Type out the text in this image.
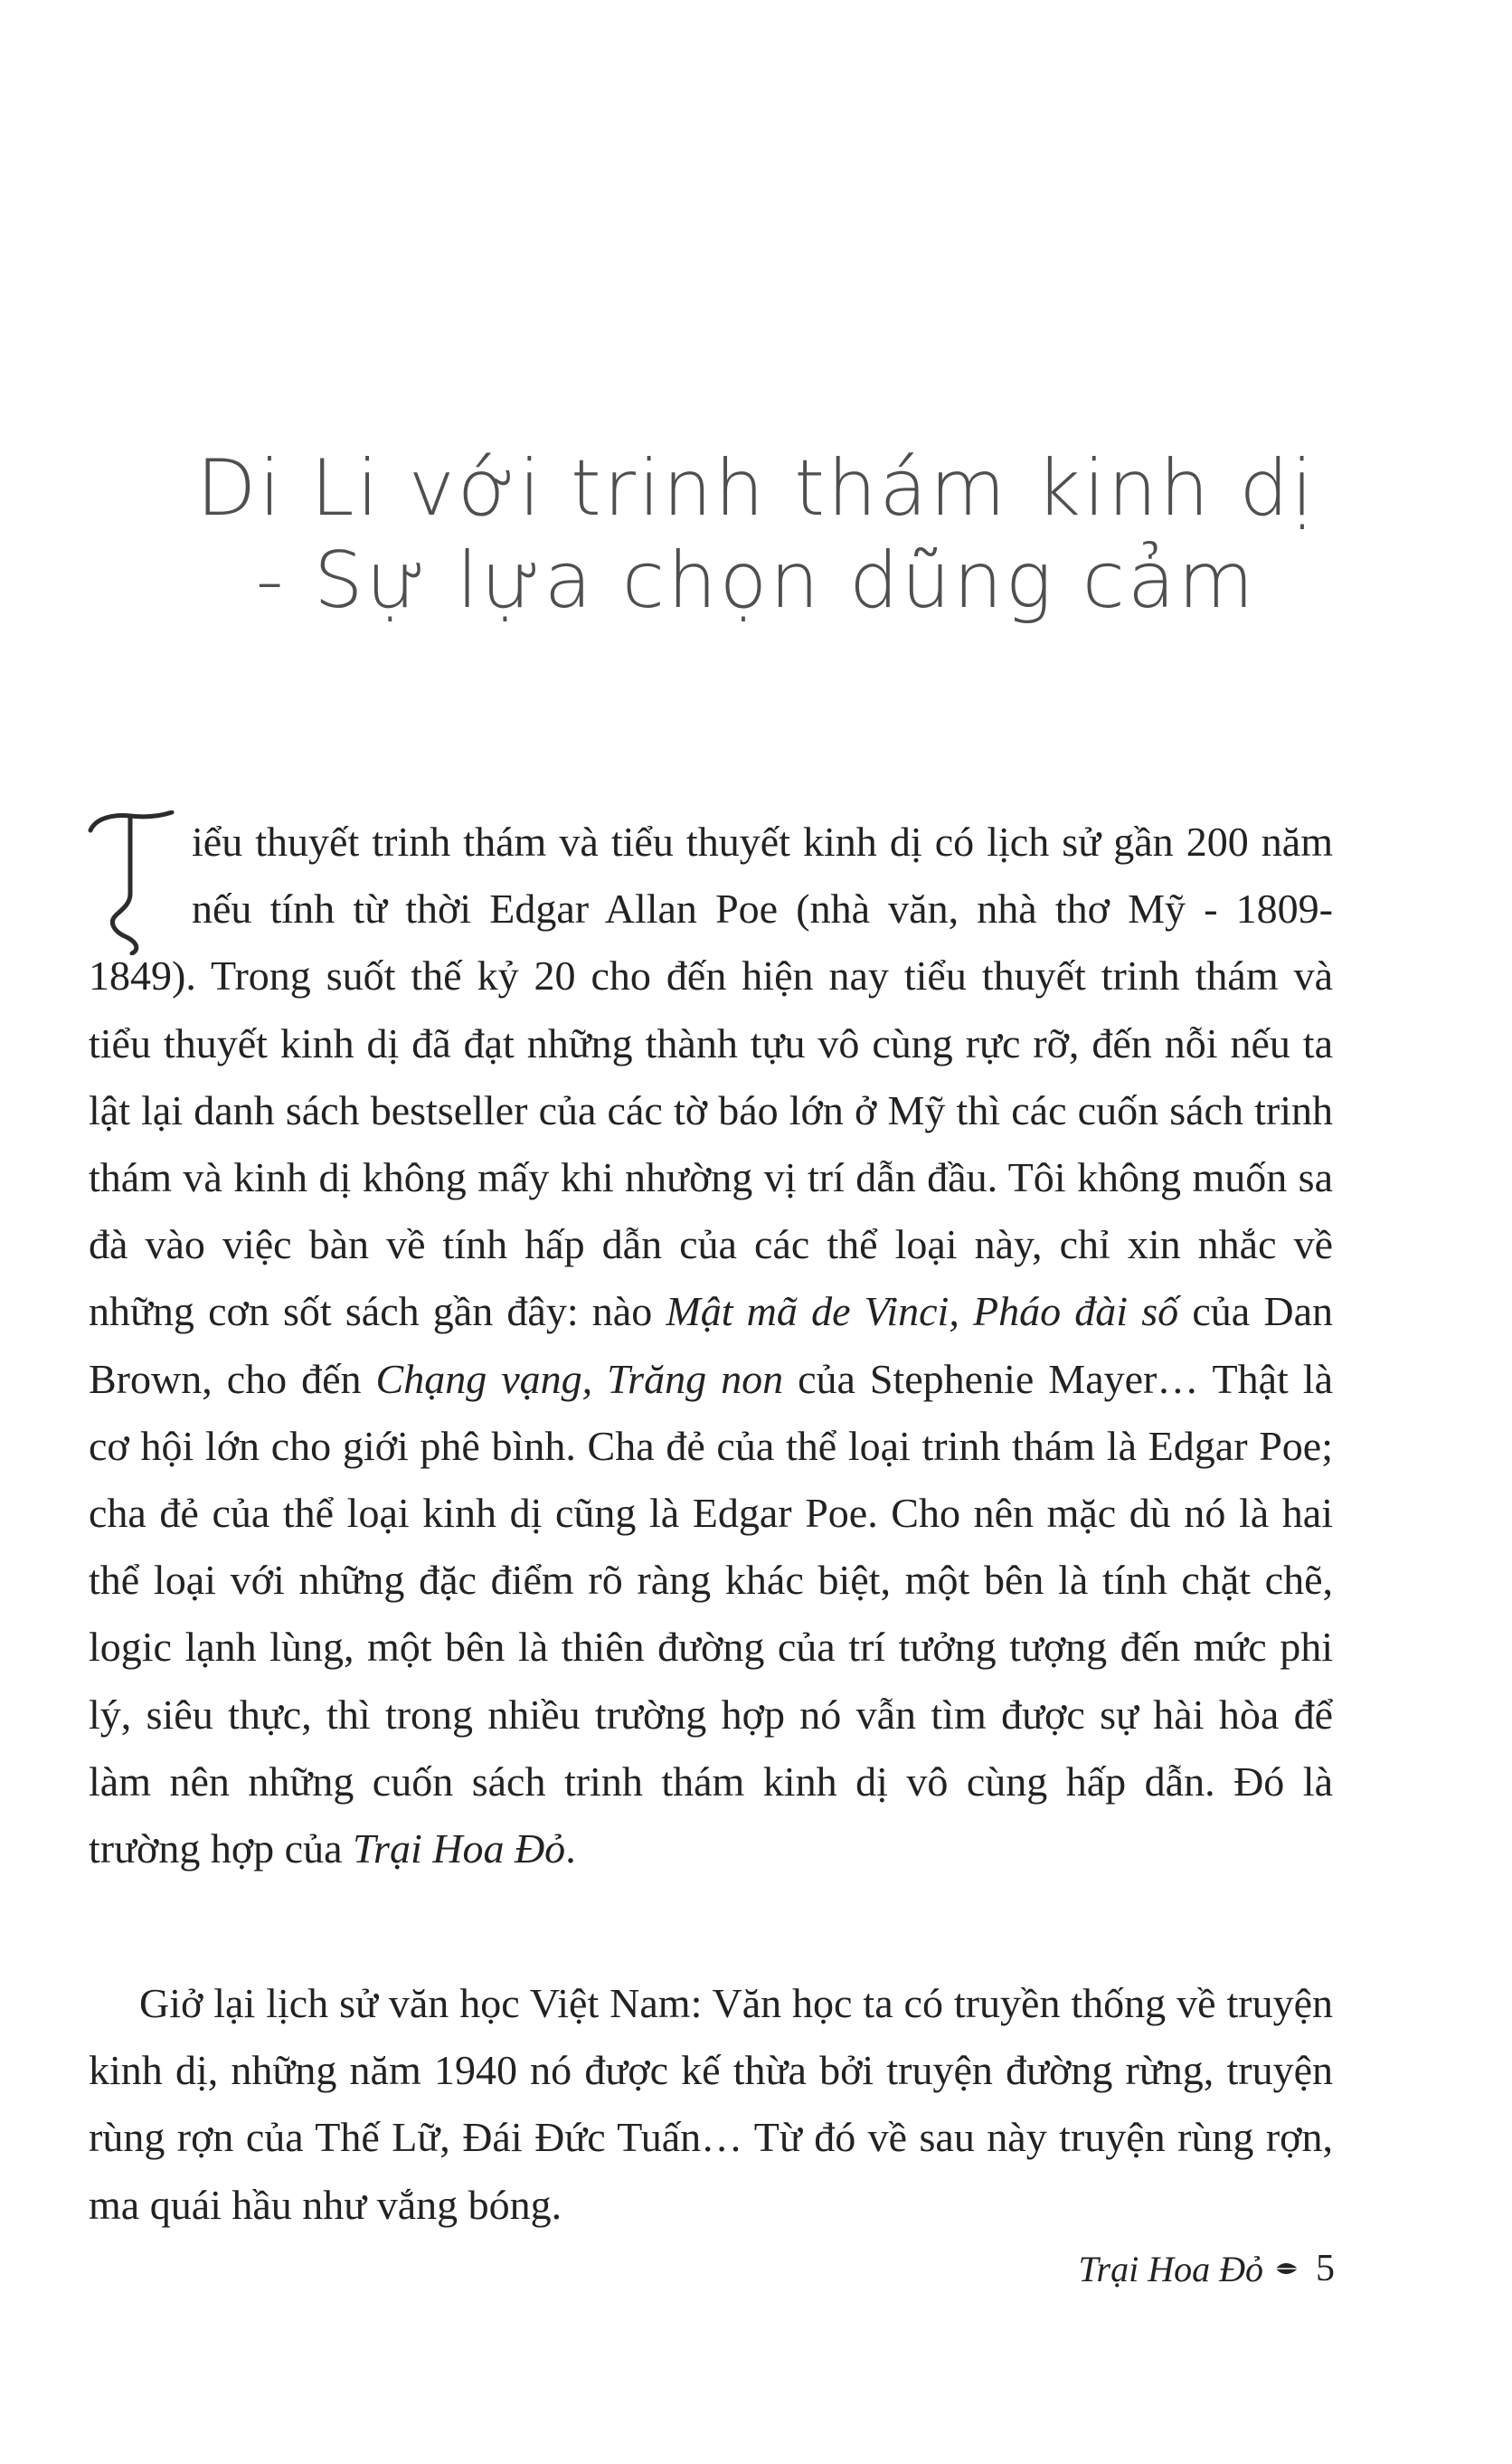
Di Li với trinh thám kinh dị
- Sự lựa chọn dũng cảm
iểu thuyết trinh thám và tiểu thuyết kinh dị có lịch sử gần 200 năm nếu tính từ thời Edgar Allan Poe (nhà văn, nhà thơ Mỹ - 1809-1849). Trong suốt thế kỷ 20 cho đến hiện nay tiểu thuyết trinh thám và tiểu thuyết kinh dị đã đạt những thành tựu vô cùng rực rỡ, đến nỗi nếu ta lật lại danh sách bestseller của các tờ báo lớn ở Mỹ thì các cuốn sách trinh thám và kinh dị không mấy khi nhường vị trí dẫn đầu. Tôi không muốn sa đà vào việc bàn về tính hấp dẫn của các thể loại này, chỉ xin nhắc về những cơn sốt sách gần đây: nào Mật mã de Vinci, Pháo đài số của Dan Brown, cho đến Chạng vạng, Trăng non của Stephenie Mayer… Thật là cơ hội lớn cho giới phê bình. Cha đẻ của thể loại trinh thám là Edgar Poe; cha đẻ của thể loại kinh dị cũng là Edgar Poe. Cho nên mặc dù nó là hai thể loại với những đặc điểm rõ ràng khác biệt, một bên là tính chặt chẽ, logic lạnh lùng, một bên là thiên đường của trí tưởng tượng đến mức phi lý, siêu thực, thì trong nhiều trường hợp nó vẫn tìm được sự hài hòa để làm nên những cuốn sách trinh thám kinh dị vô cùng hấp dẫn. Đó là trường hợp của Trại Hoa Đỏ.
Giở lại lịch sử văn học Việt Nam: Văn học ta có truyền thống về truyện kinh dị, những năm 1940 nó được kế thừa bởi truyện đường rừng, truyện rùng rợn của Thế Lữ, Đái Đức Tuấn… Từ đó về sau này truyện rùng rợn, ma quái hầu như vắng bóng.
Trại Hoa Đỏ 5
